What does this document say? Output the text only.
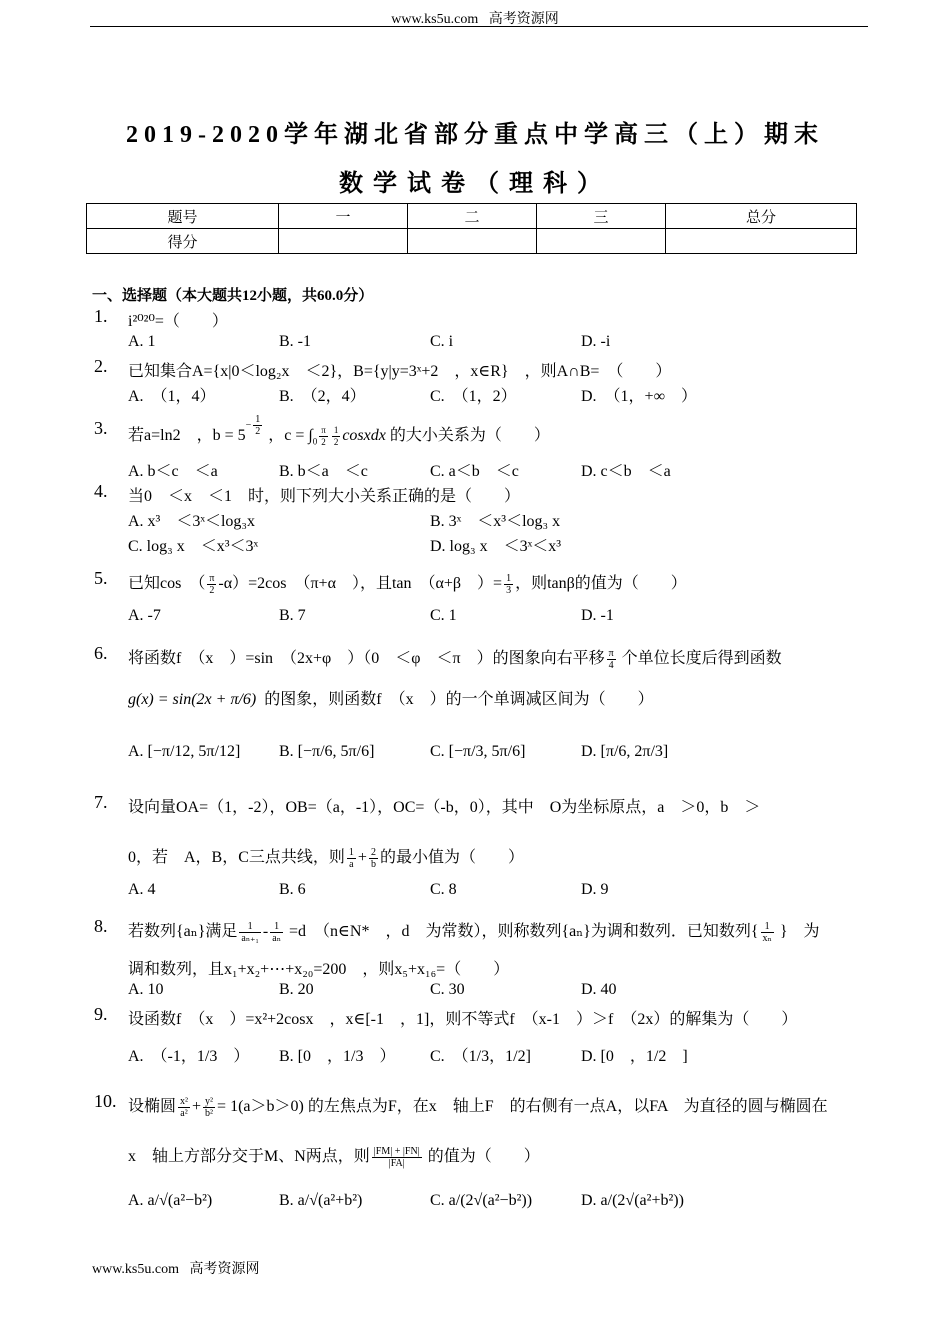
www.ks5u.com 高考资源网
2019-2020学年湖北省部分重点中学高三（上）期末
数学试卷（理科）
题号	一	二	三	总分
得分				
一、选择题（本大题共12小题，共60.0分）
1. i²⁰²⁰=（　　）
A. 1	B. -1	C. i	D. -i
2. 已知集合A={x|0＜log₂x　＜2}，B={y|y=3ˣ+2　，x∈R}　，则A∩B=　（　　）
A.　（1，4）	B.　（2，4）	C.　（1，2）	D.　（1，+∞　）
3. 若a=ln2　，$b = 5^{- \frac{1}{2}}$ ，$c = \int_0 \frac{\pi}{2} \frac{1}{2}$ cosxdx 的大小关系为（　　）
A. b＜c　＜a	B. b＜a　＜c	C. a＜b　＜c	D. c＜b　＜a
4. 当0　＜x　＜1　时，则下列大小关系正确的是（　　）
A. x³　＜3ˣ＜log₃x	B. 3ˣ　＜x³＜log₃ x
C. log₃ x　＜x³＜3ˣ	D. log₃ x　＜3ˣ＜x³
5. 已知cos　（ $\frac{\pi}{2} -\alpha)=2\cos$　（π+α　），且tan　（α+β　）= $\frac{1}{3}$ ，则tanβ的值为（　　）
A. -7	B. 7	C. 1	D. -1
6. 将函数f　（x　）=sin　（2x+φ　）（0　＜φ　＜π　）的图象向右平移 $\frac{\pi}{4}$ 个单位长度后得到函数
g(x) = sin(2x + π/6) 的图象，则函数f　（x　）的一个单调减区间为（　　）
A. [−π/12, 5π/12] B. [−π/6, 5π/6]	C. [−π/3, 5π/6]	D. [π/6, 2π/3]
7. 设向量OA=（1，-2），OB=（a，-1），OC=（-b，0），其中　O为坐标原点，a　＞0，b　＞
0，若　A，B，C三点共线，则 $\frac{1}{a} + \frac{2}{b}$ 的最小值为（　　）
A. 4	B. 6	C. 8	D. 9
8. 若数列{aₙ}满足 $\frac{1}{\text{aₙ₊₁}} - \frac{1}{\text{aₙ}} =d$　（n∈N*　，d　为常数），则称数列{aₙ}为调和数列．已知数列{ $\frac{1}{\text{xₙ}}$ }　为
调和数列，且x₁+x₂+⋯+x₂₀=200　，则x₅+x₁₆=（　　）
A. 10	B. 20	C. 30	D. 40
9. 设函数f　（x　）=x²+2cosx　，x∈[-1　，1]，则不等式f　（x-1　）＞f　（2x）的解集为（　　）
A.　（-1，1/3　） B. [0　，1/3　） C.　（1/3，1/2]	D. [0　，1/2　]
10. 设椭圆 $\frac{\text{x²}}{\text{a²}} + \frac{\text{y²}}{\text{b²}} = 1(a>b>0)$ 的左焦点为F，在x　轴上F　的右侧有一点A，以FA　为直径的圆与椭圆在
x　轴上方部分交于M、N两点，则 $\frac{|FM| + |FN|}{|FA|}$ 的值为（　　）
A. a/√(a²−b²)	B. a/√(a²+b²)	C. a/(2√(a²−b²))	D. a/(2√(a²+b²))
www.ks5u.com 高考资源网
